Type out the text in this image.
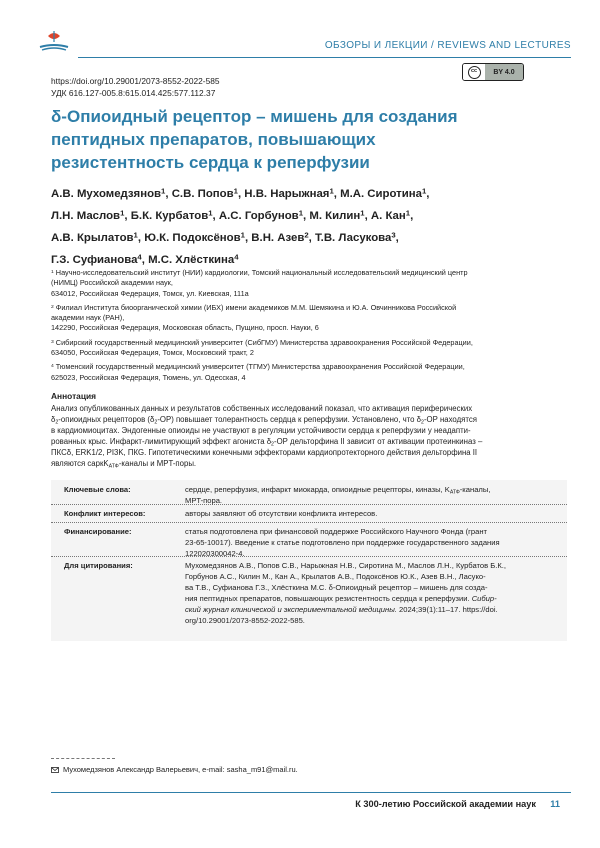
ОБЗОРЫ И ЛЕКЦИИ / REVIEWS AND LECTURES
https://doi.org/10.29001/2073-8552-2022-585
УДК 616.127-005.8:615.014.425:577.112.37
cc	BY 4.0
δ-Опиоидный рецептор – мишень для создания
пептидных препаратов, повышающих
резистентность сердца к реперфузии
А.В. Мухомедзянов$^1$, С.В. Попов$^1$, Н.В. Нарыжная$^1$, М.А. Сиротина$^1$,
Л.Н. Маслов$^1$, Б.К. Курбатов$^1$, А.С. Горбунов$^1$, М. Килин$^1$, А. Кан$^1$,
А.В. Крылатов$^1$, Ю.К. Подоксёнов$^1$, В.Н. Азев$^2$, Т.В. Ласукова$^3$,
Г.З. Суфианова$^4$, М.С. Хлёсткина$^4$
$^1$ Научно-исследовательский институт (НИИ) кардиологии, Томский национальный исследовательский медицинский центр
(НИМЦ) Российской академии наук,
634012, Российская Федерация, Томск, ул. Киевская, 111а
$^2$ Филиал Института биоорганической химии (ИБХ) имени академиков М.М. Шемякина и Ю.А. Овчинникова Российской
академии наук (РАН),
142290, Российская Федерация, Московская область, Пущино, просп. Науки, 6
$^3$ Сибирский государственный медицинский университет (СибГМУ) Министерства здравоохранения Российской Федерации,
634050, Российская Федерация, Томск, Московский тракт, 2
$^4$ Тюменский государственный медицинский университет (ТГМУ) Министерства здравоохранения Российской Федерации,
625023, Российская Федерация, Тюмень, ул. Одесская, 4
Аннотация
Анализ опубликованных данных и результатов собственных исследований показал, что активация периферических
$\delta_2$-опиоидных рецепторов $(\delta_2-ОР)$ повышает толерантность сердца к реперфузии. Установлено, что $\delta_2-ОР$ находятся
в кардиомиоцитах. Эндогенные опиоиды не участвуют в регуляции устойчивости сердца к реперфузии у неадапти-
рованных крыс. Инфаркт-лимитирующий эффект агониста $\delta_2-ОР$ дельторфина II зависит от активации протеинкиназ –
ПКCδ, ERK1/2, PI3K, ПКG. Гипотетическими конечными эффекторами кардиопротекторного действия дельторфина II
являются саркK$_{АТФ}$-каналы и MPT-поры.
Ключевые слова:	сердце, реперфузия, инфаркт миокарда, опиоидные рецепторы, киназы, $K_{АТФ}$-каналы,
MPT-пора.
Конфликт интересов:	авторы заявляют об отсутствии конфликта интересов.
Финансирование:	статья подготовлена при финансовой поддержке Российского Научного Фонда (грант
23-65-10017). Введение к статье подготовлено при поддержке государственного задания
122020300042-4.
Для цитирования:	Мухомедзянов А.В., Попов С.В., Нарыжная Н.В., Сиротина М., Маслов Л.Н., Курбатов Б.К.,
Горбунов А.С., Килин М., Кан А., Крылатов А.В., Подоксёнов Ю.К., Азев В.Н., Ласуко-
ва Т.В., Суфианова Г.З., Хлёсткина М.С. δ-Опиоидный рецептор – мишень для созда-
ния пептидных препаратов, повышающих резистентность сердца к реперфузии. Сибир-
ский журнал клинической и экспериментальной медицины. 2024;39(1):11–17. https://doi.
org/10.29001/2073-8552-2022-585.
Мухомедзянов Александр Валерьевич, e-mail: sasha_m91@mail.ru.
К 300-летию Российской академии наук 11
